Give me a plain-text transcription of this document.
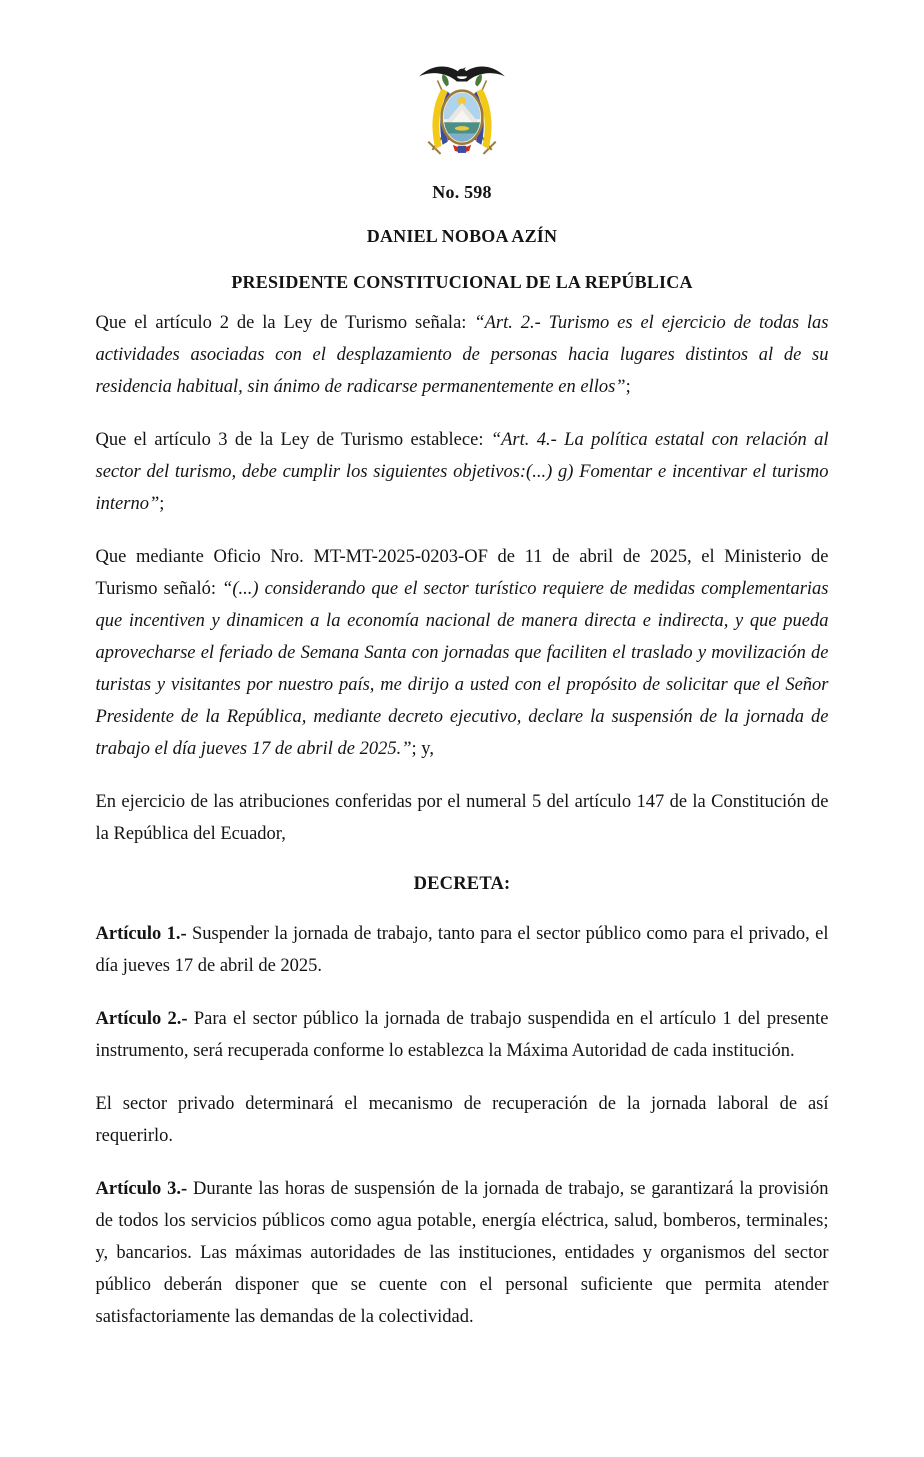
No. 598
DANIEL NOBOA AZÍN
PRESIDENTE CONSTITUCIONAL DE LA REPÚBLICA

Que el artículo 2 de la Ley de Turismo señala: “Art. 2.- Turismo es el ejercicio de todas las actividades asociadas con el desplazamiento de personas hacia lugares distintos al de su residencia habitual, sin ánimo de radicarse permanentemente en ellos”;

Que el artículo 3 de la Ley de Turismo establece: “Art. 4.- La política estatal con relación al sector del turismo, debe cumplir los siguientes objetivos:(...) g) Fomentar e incentivar el turismo interno”;

Que mediante Oficio Nro. MT-MT-2025-0203-OF de 11 de abril de 2025, el Ministerio de Turismo señaló: “(...) considerando que el sector turístico requiere de medidas complementarias que incentiven y dinamicen a la economía nacional de manera directa e indirecta, y que pueda aprovecharse el feriado de Semana Santa con jornadas que faciliten el traslado y movilización de turistas y visitantes por nuestro país, me dirijo a usted con el propósito de solicitar que el Señor Presidente de la República, mediante decreto ejecutivo, declare la suspensión de la jornada de trabajo el día jueves 17 de abril de 2025.”; y,

En ejercicio de las atribuciones conferidas por el numeral 5 del artículo 147 de la Constitución de la República del Ecuador,

DECRETA:

Artículo 1.- Suspender la jornada de trabajo, tanto para el sector público como para el privado, el día jueves 17 de abril de 2025.

Artículo 2.- Para el sector público la jornada de trabajo suspendida en el artículo 1 del presente instrumento, será recuperada conforme lo establezca la Máxima Autoridad de cada institución.

El sector privado determinará el mecanismo de recuperación de la jornada laboral de así requerirlo.

Artículo 3.- Durante las horas de suspensión de la jornada de trabajo, se garantizará la provisión de todos los servicios públicos como agua potable, energía eléctrica, salud, bomberos, terminales; y, bancarios. Las máximas autoridades de las instituciones, entidades y organismos del sector público deberán disponer que se cuente con el personal suficiente que permita atender satisfactoriamente las demandas de la colectividad.
